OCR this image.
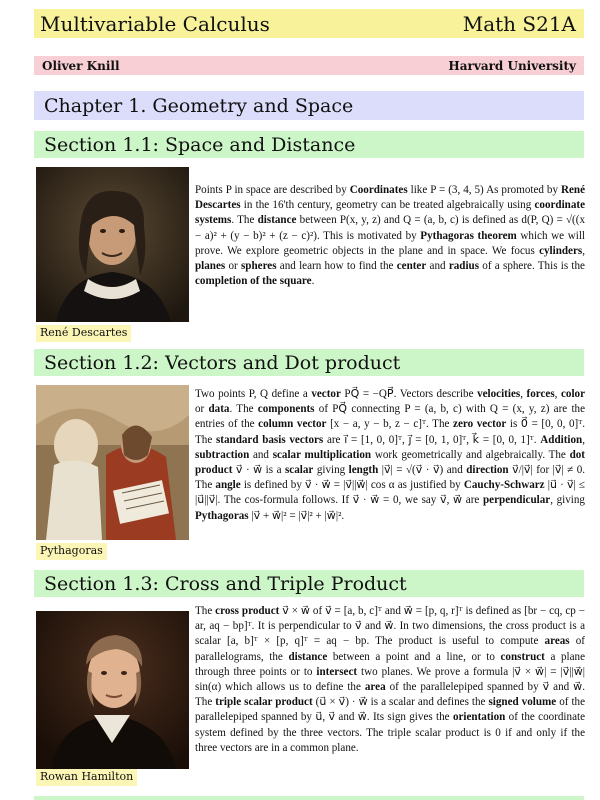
Multivariable Calculus	Math S21A
Oliver Knill	Harvard University
Chapter 1. Geometry and Space
Section 1.1: Space and Distance
René Descartes

Points P in space are described by Coordinates like P = (3, 4, 5) As promoted by René Descartes in the 16'th century, geometry can be treated algebraically using coordinate systems. The distance between P(x, y, z) and Q = (a, b, c) is defined as d(P, Q) = √((x − a)² + (y − b)² + (z − c)²). This is motivated by Pythagoras theorem which we will prove. We explore geometric objects in the plane and in space. We focus cylinders, planes or spheres and learn how to find the center and radius of a sphere. This is the completion of the square.

Section 1.2: Vectors and Dot product
Pythagoras

Two points P, Q define a vector PQ⃗ = −QP⃗. Vectors describe velocities, forces, color or data. The components of PQ⃗ connecting P = (a, b, c) with Q = (x, y, z) are the entries of the column vector [x − a, y − b, z − c]ᵀ. The zero vector is 0⃗ = [0, 0, 0]ᵀ. The standard basis vectors are i⃗ = [1, 0, 0]ᵀ, j⃗ = [0, 1, 0]ᵀ, k⃗ = [0, 0, 1]ᵀ. Addition, subtraction and scalar multiplication work geometrically and algebraically. The dot product v⃗ · w⃗ is a scalar giving length |v⃗| = √(v⃗ · v⃗) and direction v⃗/|v⃗| for |v⃗| ≠ 0. The angle is defined by v⃗ · w⃗ = |v⃗||w⃗| cos α as justified by Cauchy-Schwarz |u⃗ · v⃗| ≤ |u⃗||v⃗|. The cos-formula follows. If v⃗ · w⃗ = 0, we say v⃗, w⃗ are perpendicular, giving Pythagoras |v⃗ + w⃗|² = |v⃗|² + |w⃗|².

Section 1.3: Cross and Triple Product
Rowan Hamilton

The cross product v⃗ × w⃗ of v⃗ = [a, b, c]ᵀ and w⃗ = [p, q, r]ᵀ is defined as [br − cq, cp − ar, aq − bp]ᵀ. It is perpendicular to v⃗ and w⃗. In two dimensions, the cross product is a scalar [a, b]ᵀ × [p, q]ᵀ = aq − bp. The product is useful to compute areas of parallelograms, the distance between a point and a line, or to construct a plane through three points or to intersect two planes. We prove a formula |v⃗ × w⃗| = |v⃗||w⃗| sin(α) which allows us to define the area of the parallelepiped spanned by v⃗ and w⃗. The triple scalar product (u⃗ × v⃗) · w⃗ is a scalar and defines the signed volume of the parallelepiped spanned by u⃗, v⃗ and w⃗. Its sign gives the orientation of the coordinate system defined by the three vectors. The triple scalar product is 0 if and only if the three vectors are in a common plane.
